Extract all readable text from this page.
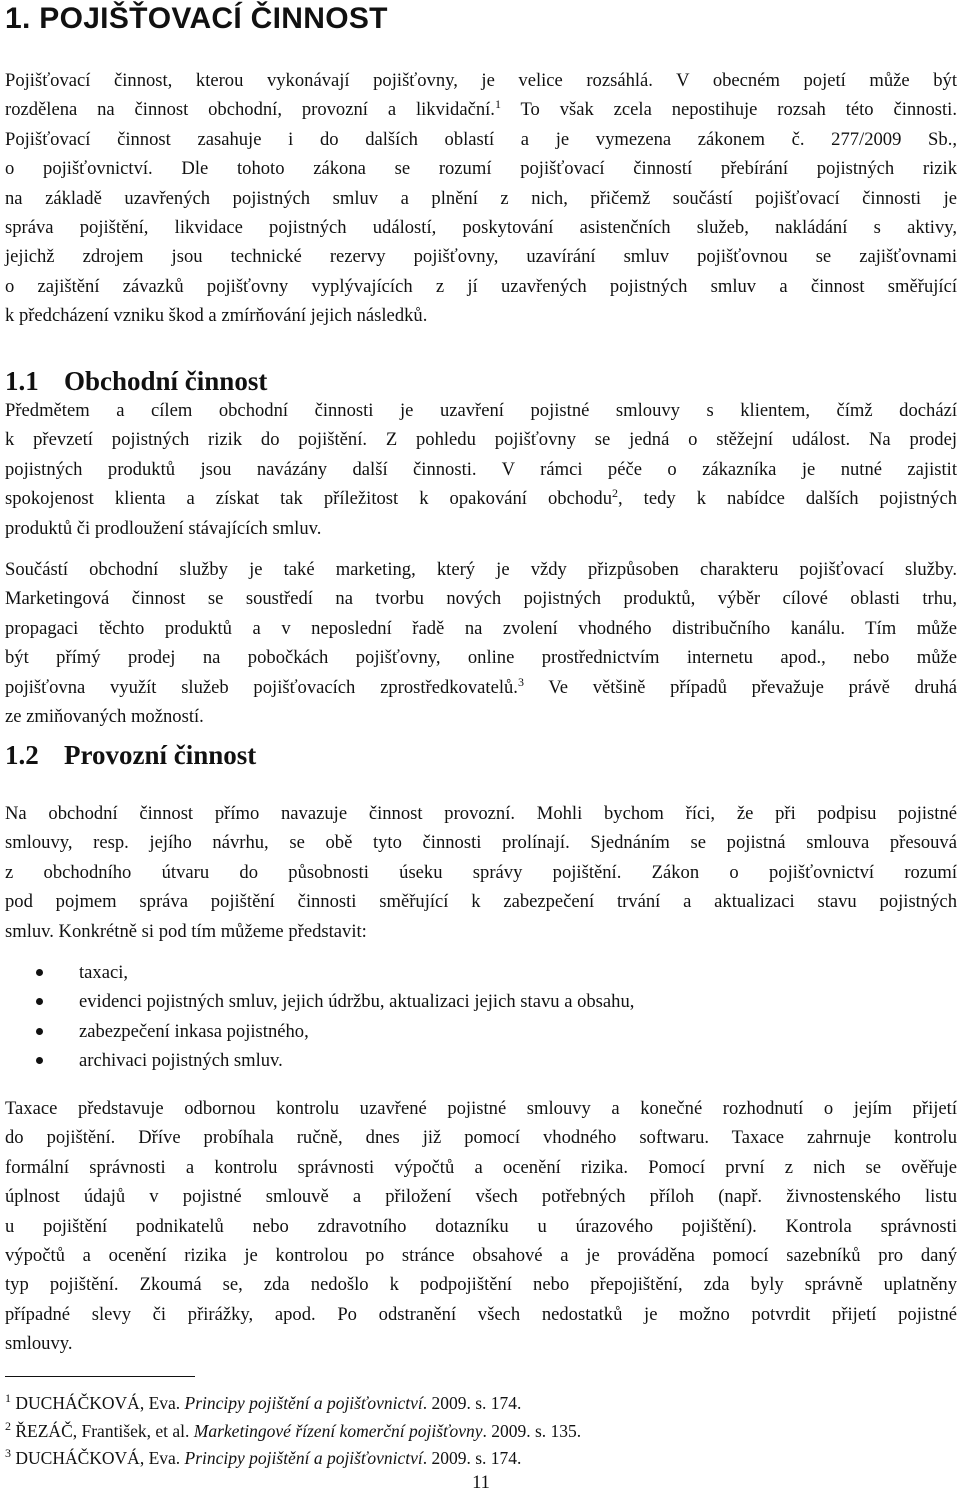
1. POJIŠŤOVACÍ ČINNOST
Pojišťovací činnost, kterou vykonávají pojišťovny, je velice rozsáhlá. V obecném pojetí může být
rozdělena na činnost obchodní, provozní a likvidační.$^1$ To však zcela nepostihuje rozsah této činnosti.
Pojišťovací činnost zasahuje i do dalších oblastí a je vymezena zákonem č. 277/2009 Sb.,
o pojišťovnictví. Dle tohoto zákona se rozumí pojišťovací činností přebírání pojistných rizik
na základě uzavřených pojistných smluv a plnění z nich, přičemž součástí pojišťovací činnosti je
správa pojištění, likvidace pojistných událostí, poskytování asistenčních služeb, nakládání s aktivy,
jejichž zdrojem jsou technické rezervy pojišťovny, uzavírání smluv pojišťovnou se zajišťovnami
o zajištění závazků pojišťovny vyplývajících z jí uzavřených pojistných smluv a činnost směřující
k předcházení vzniku škod a zmírňování jejich následků.
1.1 Obchodní činnost
Předmětem a cílem obchodní činnosti je uzavření pojistné smlouvy s klientem, čímž dochází
k převzetí pojistných rizik do pojištění. Z pohledu pojišťovny se jedná o stěžejní událost. Na prodej
pojistných produktů jsou navázány další činnosti. V rámci péče o zákazníka je nutné zajistit
spokojenost klienta a získat tak příležitost k opakování obchodu$^2$, tedy k nabídce dalších pojistných
produktů či prodloužení stávajících smluv.
Součástí obchodní služby je také marketing, který je vždy přizpůsoben charakteru pojišťovací služby.
Marketingová činnost se soustředí na tvorbu nových pojistných produktů, výběr cílové oblasti trhu,
propagaci těchto produktů a v neposlední řadě na zvolení vhodného distribučního kanálu. Tím může
být přímý prodej na pobočkách pojišťovny, online prostřednictvím internetu apod., nebo může
pojišťovna využít služeb pojišťovacích zprostředkovatelů.$^3$ Ve většině případů převažuje právě druhá
ze zmiňovaných možností.
1.2 Provozní činnost
Na obchodní činnost přímo navazuje činnost provozní. Mohli bychom říci, že při podpisu pojistné
smlouvy, resp. jejího návrhu, se obě tyto činnosti prolínají. Sjednáním se pojistná smlouva přesouvá
z obchodního útvaru do působnosti úseku správy pojištění. Zákon o pojišťovnictví rozumí
pod pojmem správa pojištění činnosti směřující k zabezpečení trvání a aktualizaci stavu pojistných
smluv. Konkrétně si pod tím můžeme představit:
taxaci,
evidenci pojistných smluv, jejich údržbu, aktualizaci jejich stavu a obsahu,
zabezpečení inkasa pojistného,
archivaci pojistných smluv.
Taxace představuje odbornou kontrolu uzavřené pojistné smlouvy a konečné rozhodnutí o jejím přijetí
do pojištění. Dříve probíhala ručně, dnes již pomocí vhodného softwaru. Taxace zahrnuje kontrolu
formální správnosti a kontrolu správnosti výpočtů a ocenění rizika. Pomocí první z nich se ověřuje
úplnost údajů v pojistné smlouvě a přiložení všech potřebných příloh (např. živnostenského listu
u pojištění podnikatelů nebo zdravotního dotazníku u úrazového pojištění). Kontrola správnosti
výpočtů a ocenění rizika je kontrolou po stránce obsahové a je prováděna pomocí sazebníků pro daný
typ pojištění. Zkoumá se, zda nedošlo k podpojištění nebo přepojištění, zda byly správně uplatněny
případné slevy či přirážky, apod. Po odstranění všech nedostatků je možno potvrdit přijetí pojistné
smlouvy.
$^1$ DUCHÁČKOVÁ, Eva. Principy pojištění a pojišťovnictví. 2009. s. 174.
$^2$ ŘEZÁČ, František, et al. Marketingové řízení komerční pojišťovny. 2009. s. 135.
$^3$ DUCHÁČKOVÁ, Eva. Principy pojištění a pojišťovnictví. 2009. s. 174.
11
